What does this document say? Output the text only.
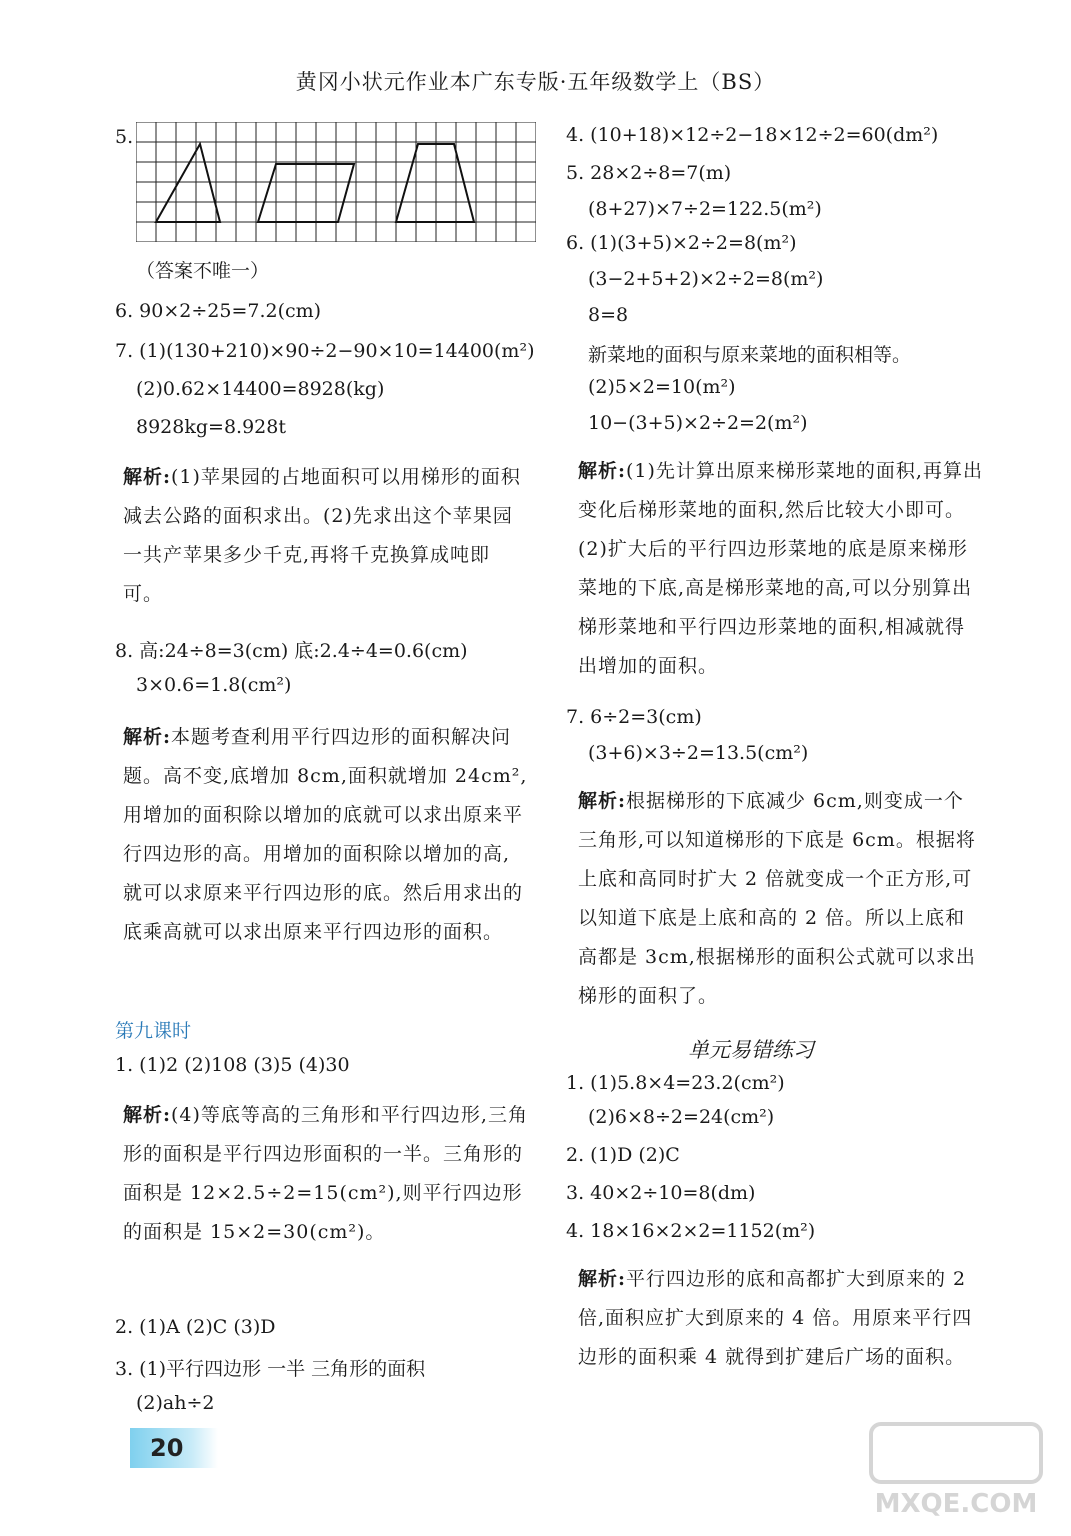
黄冈小状元作业本广东专版·五年级数学上（BS）
5.
（答案不唯一）
6. 90×2÷25=7.2(cm)
7. (1)(130+210)×90÷2−90×10=14400(m²)
(2)0.62×14400=8928(kg)
8928kg=8.928t
解析:(1)苹果园的占地面积可以用梯形的面积减去公路的面积求出。(2)先求出这个苹果园一共产苹果多少千克,再将千克换算成吨即可。
8. 高:24÷8=3(cm) 底:2.4÷4=0.6(cm)
3×0.6=1.8(cm²)
解析:本题考查利用平行四边形的面积解决问题。高不变,底增加 8cm,面积就增加 24cm²,用增加的面积除以增加的底就可以求出原来平行四边形的高。用增加的面积除以增加的高,就可以求原来平行四边形的底。然后用求出的底乘高就可以求出原来平行四边形的面积。
第九课时
1. (1)2 (2)108 (3)5 (4)30
解析:(4)等底等高的三角形和平行四边形,三角形的面积是平行四边形面积的一半。三角形的面积是 12×2.5÷2=15(cm²),则平行四边形的面积是 15×2=30(cm²)。
2. (1)A (2)C (3)D
3. (1)平行四边形 一半 三角形的面积
(2)ah÷2
20
4. (10+18)×12÷2−18×12÷2=60(dm²)
5. 28×2÷8=7(m)
(8+27)×7÷2=122.5(m²)
6. (1)(3+5)×2÷2=8(m²)
(3−2+5+2)×2÷2=8(m²)
8=8
新菜地的面积与原来菜地的面积相等。
(2)5×2=10(m²)
10−(3+5)×2÷2=2(m²)
解析:(1)先计算出原来梯形菜地的面积,再算出变化后梯形菜地的面积,然后比较大小即可。(2)扩大后的平行四边形菜地的底是原来梯形菜地的下底,高是梯形菜地的高,可以分别算出梯形菜地和平行四边形菜地的面积,相减就得出增加的面积。
7. 6÷2=3(cm)
(3+6)×3÷2=13.5(cm²)
解析:根据梯形的下底减少 6cm,则变成一个三角形,可以知道梯形的下底是 6cm。根据将上底和高同时扩大 2 倍就变成一个正方形,可以知道下底是上底和高的 2 倍。所以上底和高都是 3cm,根据梯形的面积公式就可以求出梯形的面积了。
单元易错练习
1. (1)5.8×4=23.2(cm²)
(2)6×8÷2=24(cm²)
2. (1)D (2)C
3. 40×2÷10=8(dm)
4. 18×16×2×2=1152(m²)
解析:平行四边形的底和高都扩大到原来的 2 倍,面积应扩大到原来的 4 倍。用原来平行四边形的面积乘 4 就得到扩建后广场的面积。
MXQE.COM
